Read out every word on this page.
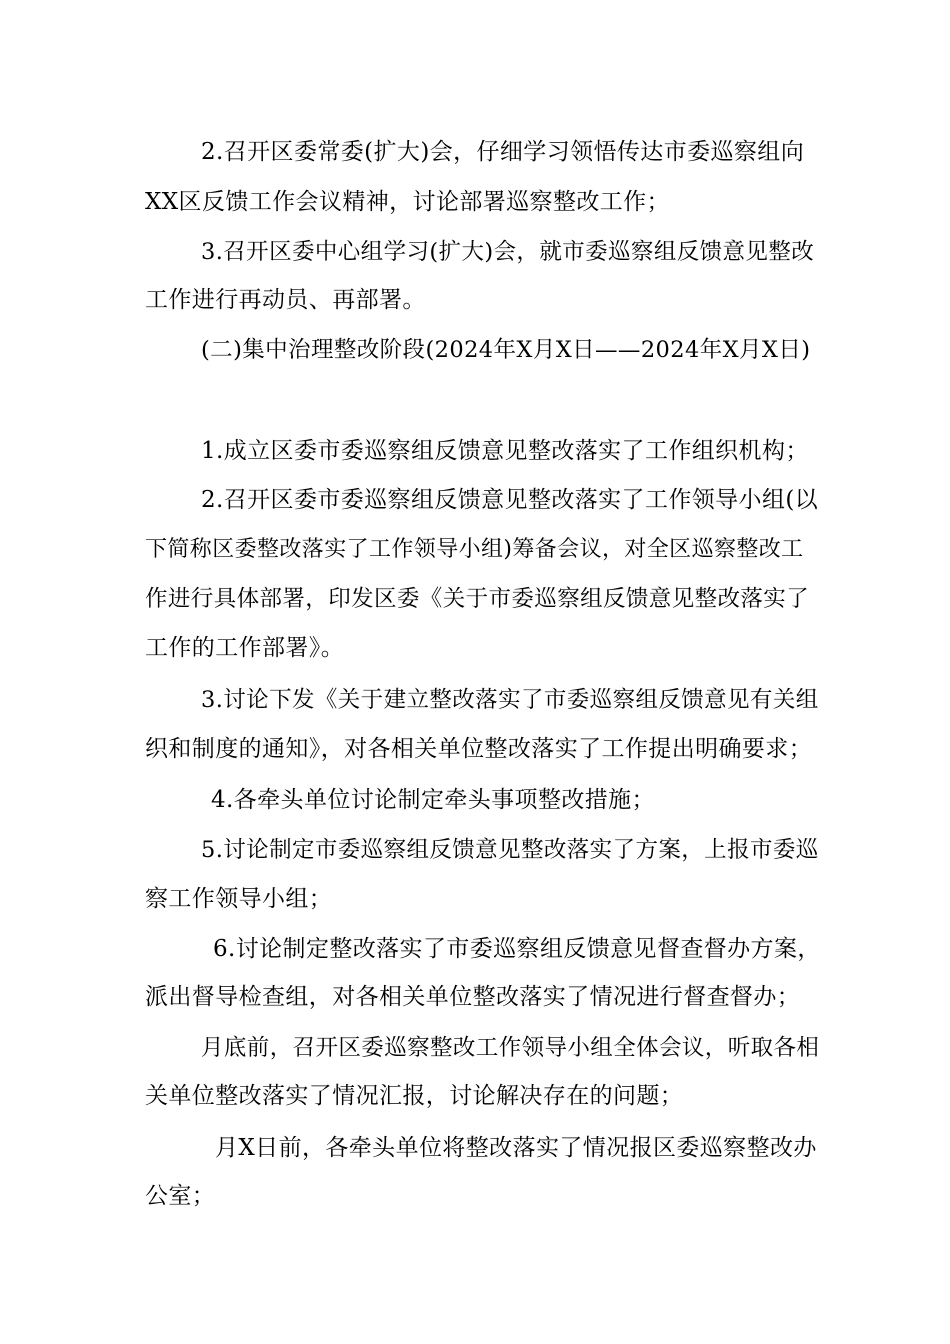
2.召开区委常委(扩大)会，仔细学习领悟传达市委巡察组向
XX区反馈工作会议精神，讨论部署巡察整改工作；
3.召开区委中心组学习(扩大)会，就市委巡察组反馈意见整改
工作进行再动员、再部署。
(二)集中治理整改阶段(2024年X月X日——2024年X月X日)
1.成立区委市委巡察组反馈意见整改落实了工作组织机构；
2.召开区委市委巡察组反馈意见整改落实了工作领导小组(以
下简称区委整改落实了工作领导小组)筹备会议，对全区巡察整改工
作进行具体部署，印发区委《关于市委巡察组反馈意见整改落实了
工作的工作部署》。
3.讨论下发《关于建立整改落实了市委巡察组反馈意见有关组
织和制度的通知》，对各相关单位整改落实了工作提出明确要求；
4.各牵头单位讨论制定牵头事项整改措施；
5.讨论制定市委巡察组反馈意见整改落实了方案，上报市委巡
察工作领导小组；
6.讨论制定整改落实了市委巡察组反馈意见督查督办方案，
派出督导检查组，对各相关单位整改落实了情况进行督查督办；
月底前，召开区委巡察整改工作领导小组全体会议，听取各相
关单位整改落实了情况汇报，讨论解决存在的问题；
月X日前，各牵头单位将整改落实了情况报区委巡察整改办
公室；
